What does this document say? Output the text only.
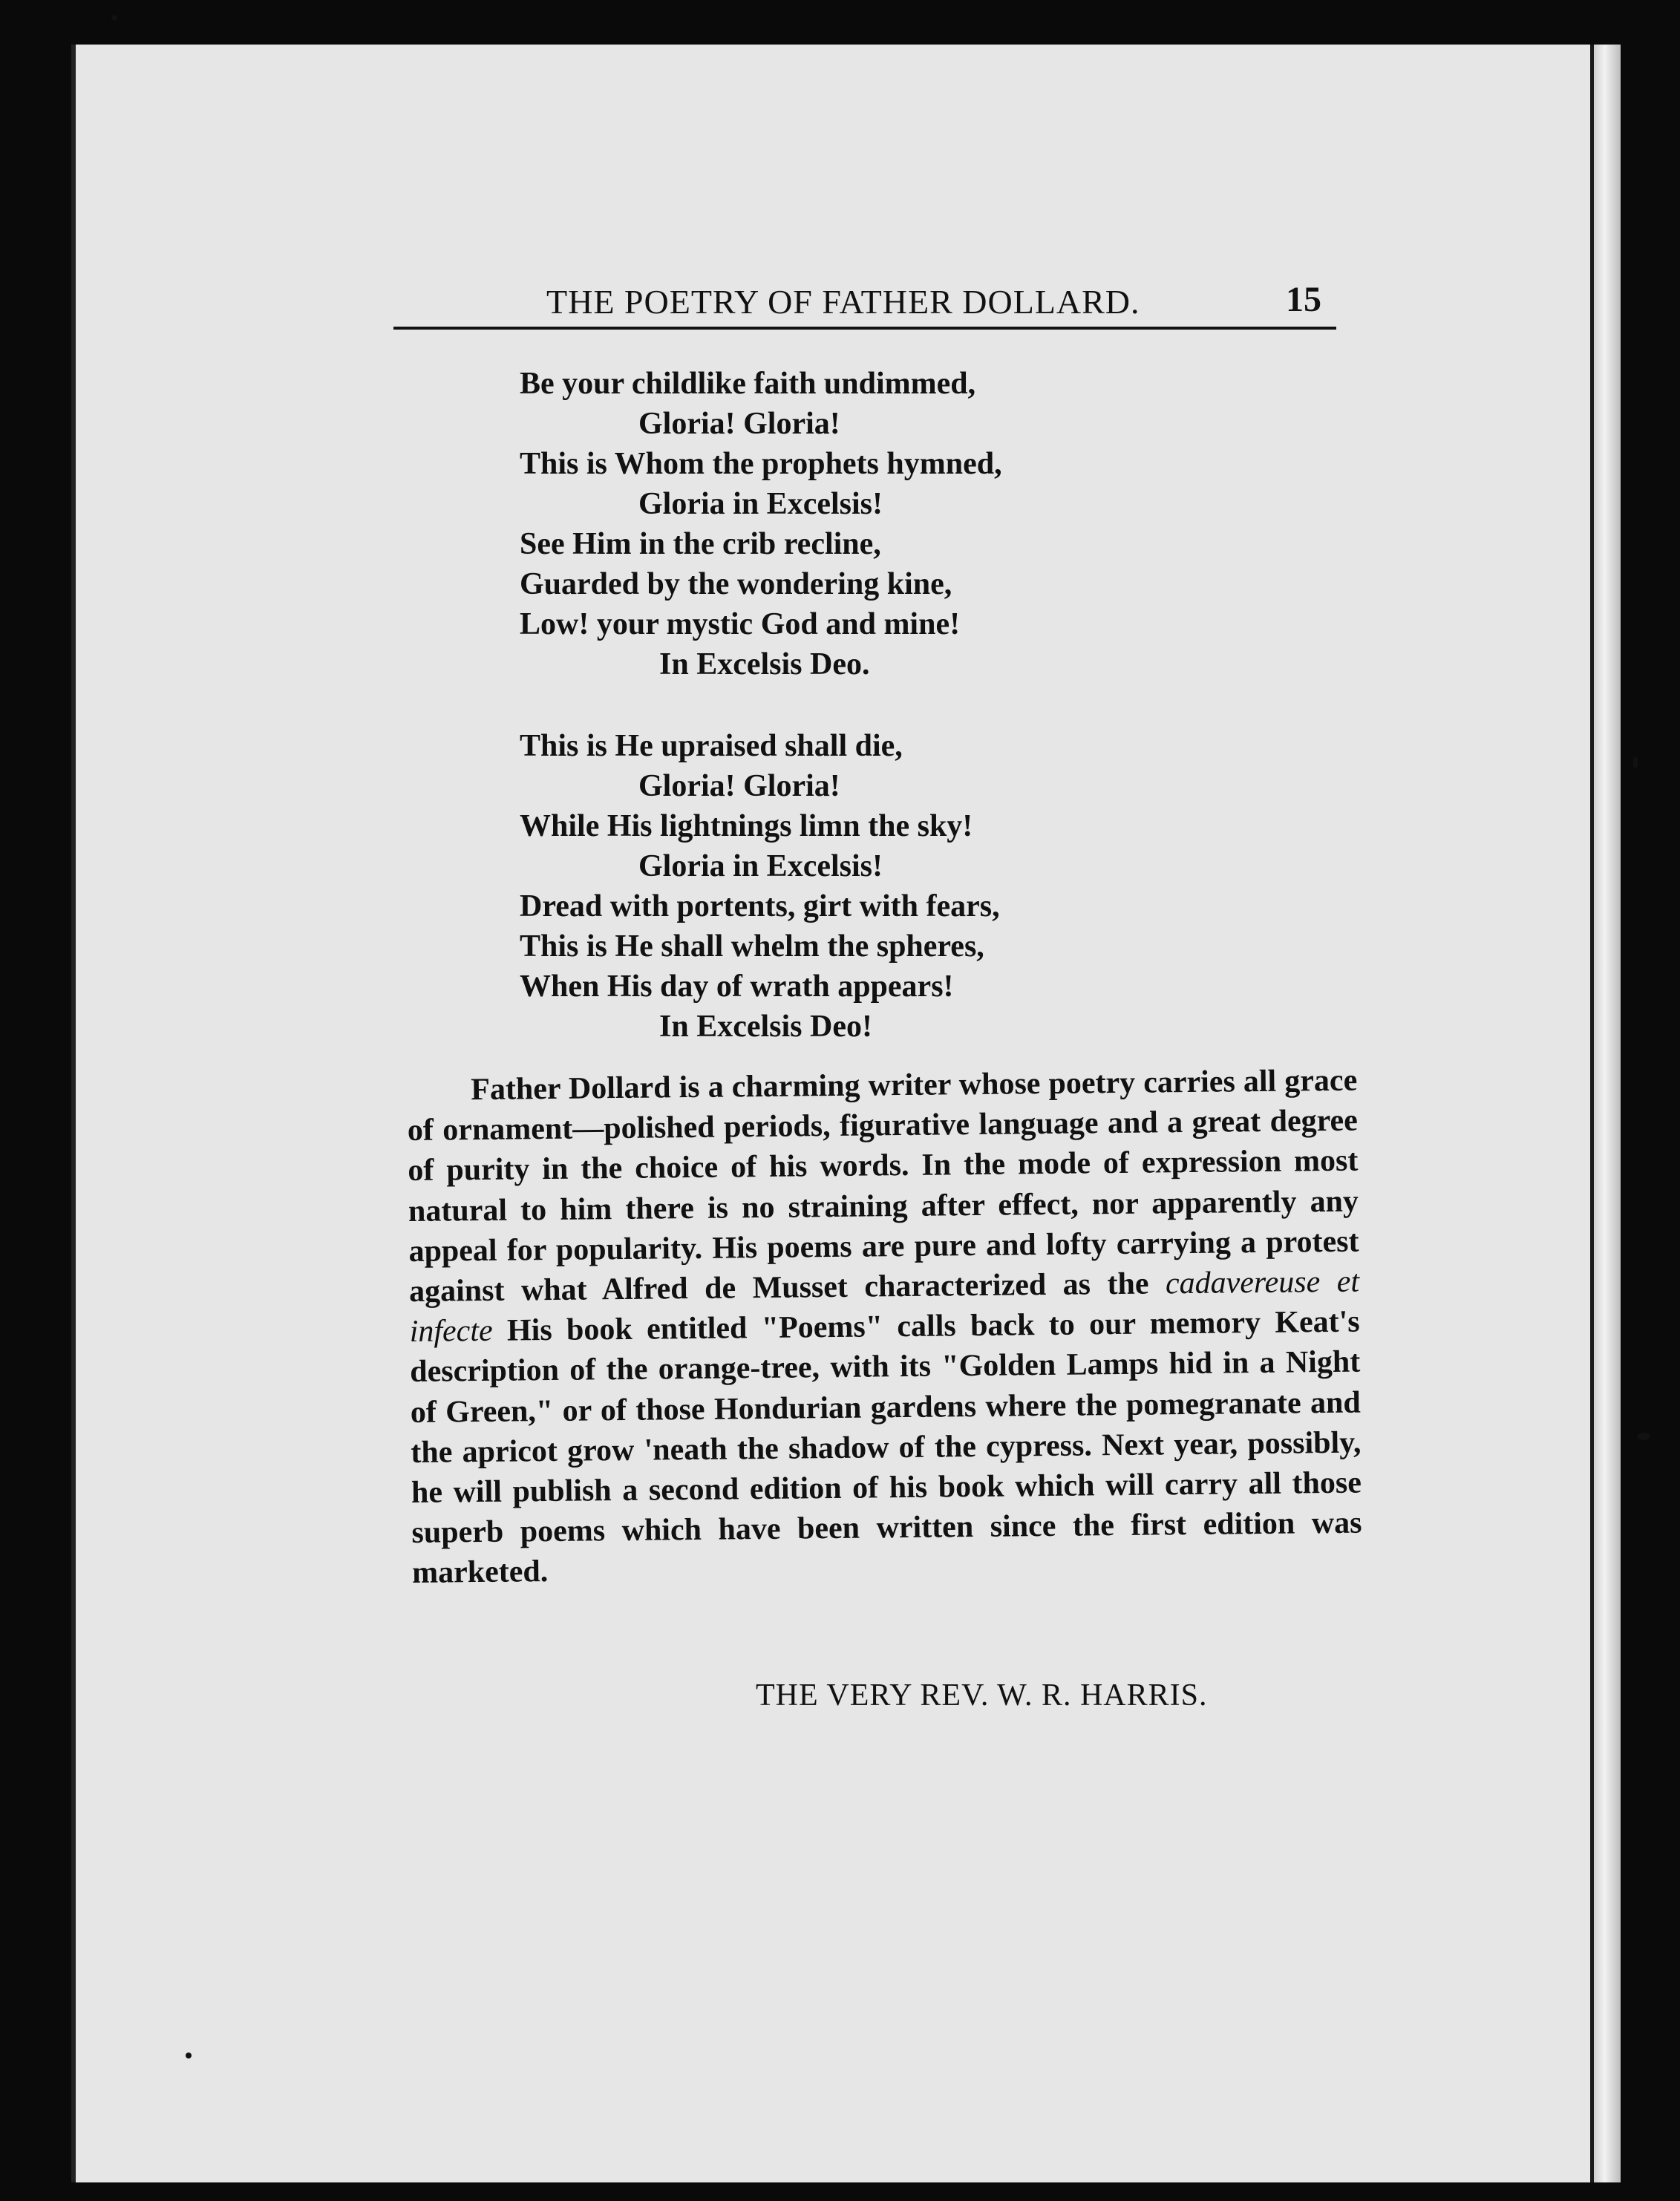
THE POETRY OF FATHER DOLLARD.	15
Be your childlike faith undimmed,
Gloria! Gloria!
This is Whom the prophets hymned,
Gloria in Excelsis!
See Him in the crib recline,
Guarded by the wondering kine,
Low! your mystic God and mine!
In Excelsis Deo.
This is He upraised shall die,
Gloria! Gloria!
While His lightnings limn the sky!
Gloria in Excelsis!
Dread with portents, girt with fears,
This is He shall whelm the spheres,
When His day of wrath appears!
In Excelsis Deo!

Father Dollard is a charming writer whose poetry carries all grace of ornament—polished periods, figurative language and a great degree of purity in the choice of his words. In the mode of expression most natural to him there is no straining after effect, nor apparently any appeal for popularity. His poems are pure and lofty carrying a protest against what Alfred de Musset characterized as the cadavereuse et infecte His book entitled "Poems" calls back to our memory Keat's description of the orange-tree, with its "Golden Lamps hid in a Night of Green," or of those Hondurian gardens where the pomegranate and the apricot grow 'neath the shadow of the cypress. Next year, possibly, he will publish a second edition of his book which will carry all those superb poems which have been written since the first edition was marketed.

THE VERY REV. W. R. HARRIS.
